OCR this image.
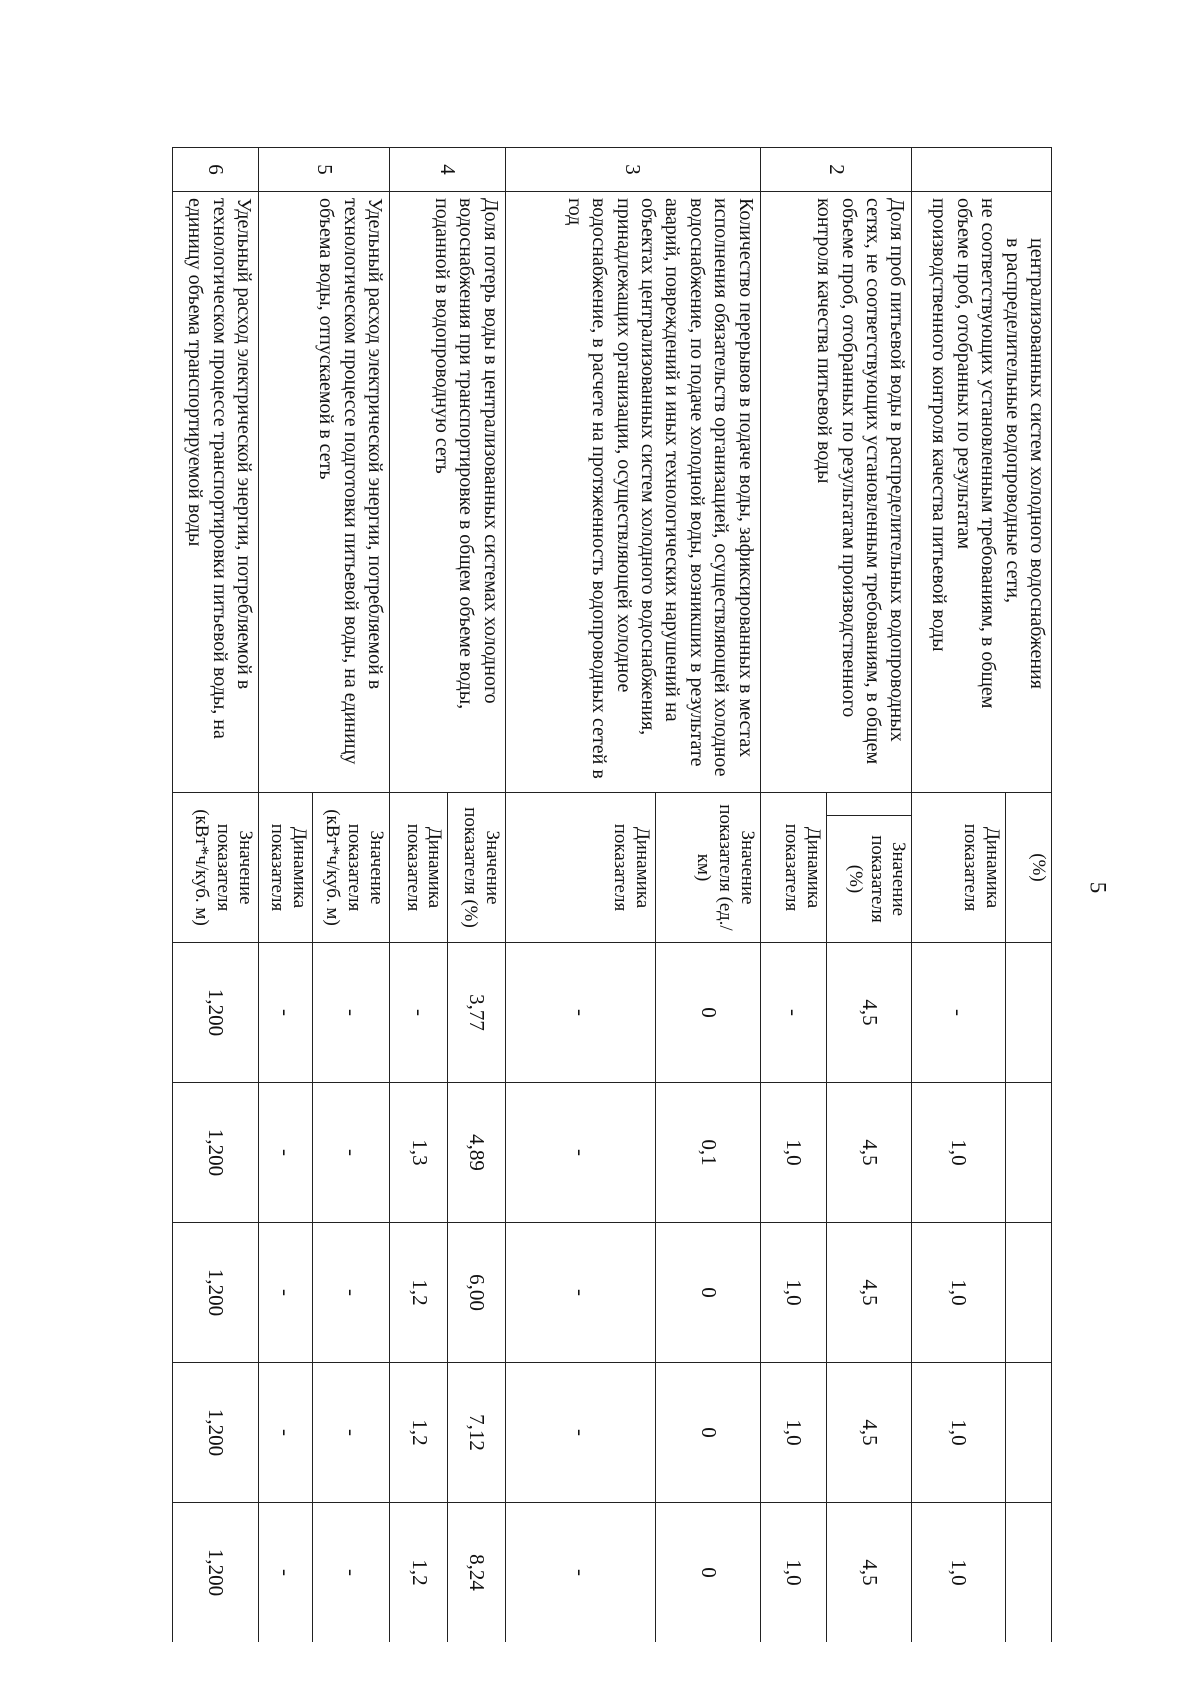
5

	централизованных систем холодного водоснабжения
в распределительные водопроводные сети,
не соответствующих установленным требованиям, в общем
объеме проб, отобранных по результатам
производственного контроля качества питьевой воды	(%)					
		Динамика показателя	-	1,0	1,0	1,0	1,0
2	Доля проб питьевой воды в распределительных водопроводных сетях, не соответствующих установленным требованиям, в общем объеме проб, отобранных по результатам производственного контроля качества питьевой воды	Значение показателя (%)	4,5	4,5	4,5	4,5	4,5
		Динамика показателя	-	1,0	1,0	1,0	1,0
3	Количество перерывов в подаче воды, зафиксированных в местах исполнения обязательств организацией, осуществляющей холодное водоснабжение, по подаче холодной воды, возникших в результате аварий, повреждений и иных технологических нарушений на объектах централизованных систем холодного водоснабжения, принадлежащих организации, осуществляющей холодное водоснабжение, в расчете на протяженность водопроводных сетей в год	Значение показателя (ед./км)	0	0,1	0	0	0
		Динамика показателя	-	-	-	-	-
4	Доля потерь воды в централизованных системах холодного водоснабжения при транспортировке в общем объеме воды, поданной в водопроводную сеть	Значение показателя (%)	3,77	4,89	6,00	7,12	8,24
		Динамика показателя	-	1,3	1,2	1,2	1,2
5	Удельный расход электрической энергии, потребляемой в технологическом процессе подготовки питьевой воды, на единицу объема воды, отпускаемой в сеть	Значение показателя (кВт*ч/куб. м)	-	-	-	-	-
		Динамика показателя	-	-	-	-	-
6	Удельный расход электрической энергии, потребляемой в технологическом процессе транспортировки питьевой воды, на единицу объема транспортируемой воды	Значение показателя (кВт*ч/куб. м)	1,200	1,200	1,200	1,200	1,200
